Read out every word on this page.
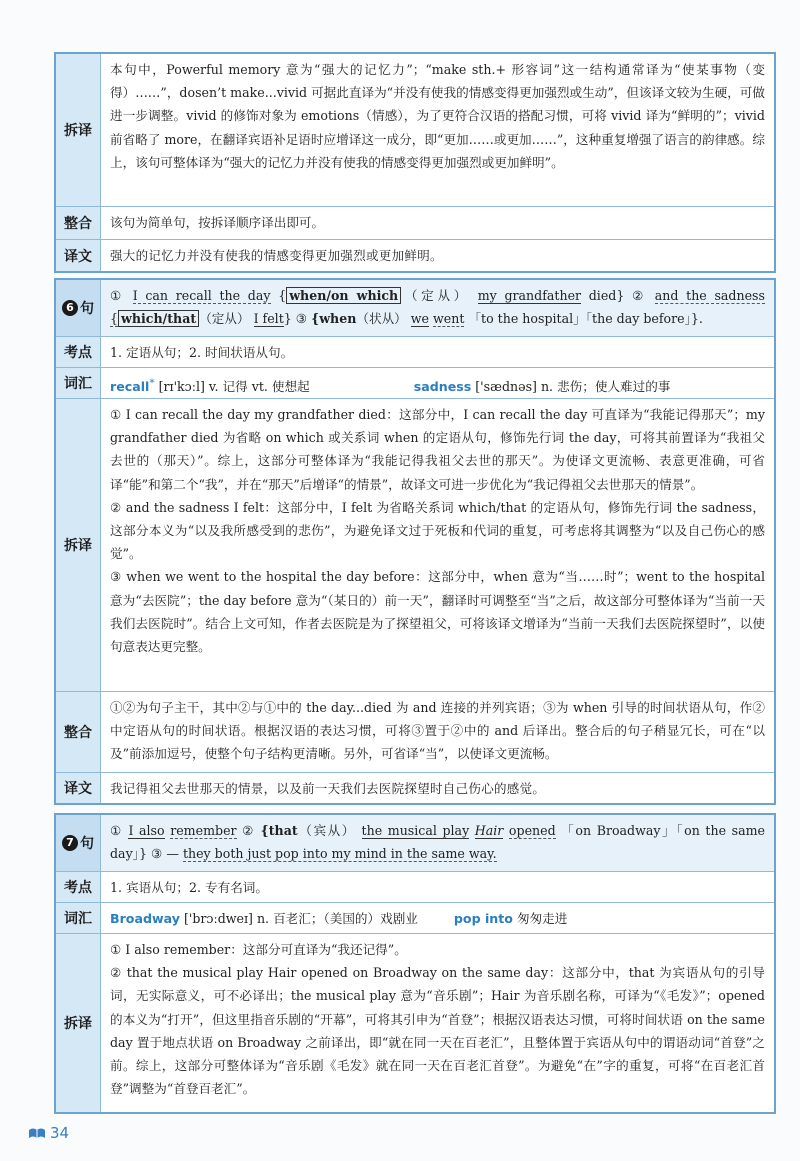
拆译
本句中，Powerful memory 意为“强大的记忆力”；“make sth.+ 形容词”这一结构通常译为“使某事物（变得）……”，dosen’t make...vivid 可据此直译为“并没有使我的情感变得更加强烈或生动”，但该译文较为生硬，可做进一步调整。vivid 的修饰对象为 emotions（情感），为了更符合汉语的搭配习惯，可将 vivid 译为“鲜明的”；vivid 前省略了 more，在翻译宾语补足语时应增译这一成分，即“更加……或更加……”，这种重复增强了语言的韵律感。综上，该句可整体译为“强大的记忆力并没有使我的情感变得更加强烈或更加鲜明”。
整合	该句为简单句，按拆译顺序译出即可。
译文	强大的记忆力并没有使我的情感变得更加强烈或更加鲜明。
6 句
① I can recall the day { when/on which （定从） my grandfather died} ② and the sadness { which/that （定从） I felt} ③ {when（状从） we went 「to the hospital」「the day before」}.
考点	1. 定语从句；2. 时间状语从句。
词汇	recall* [rɪ'kɔːl] v. 记得 vt. 使想起	sadness ['sædnəs] n. 悲伤；使人难过的事
拆译

① I can recall the day my grandfather died：这部分中，I can recall the day 可直译为“我能记得那天”；my grandfather died 为省略 on which 或关系词 when 的定语从句，修饰先行词 the day，可将其前置译为“我祖父去世的（那天）”。综上，这部分可整体译为“我能记得我祖父去世的那天”。为使译文更流畅、表意更准确，可省译“能”和第二个“我”，并在“那天”后增译“的情景”，故译文可进一步优化为“我记得祖父去世那天的情景”。

② and the sadness I felt：这部分中，I felt 为省略关系词 which/that 的定语从句，修饰先行词 the sadness，这部分本义为“以及我所感受到的悲伤”，为避免译文过于死板和代词的重复，可考虑将其调整为“以及自己伤心的感觉”。

③ when we went to the hospital the day before：这部分中，when 意为“当……时”；went to the hospital 意为“去医院”；the day before 意为“（某日的）前一天”，翻译时可调整至“当”之后，故这部分可整体译为“当前一天我们去医院时”。结合上文可知，作者去医院是为了探望祖父，可将该译文增译为“当前一天我们去医院探望时”，以使句意表达更完整。

整合
①②为句子主干，其中②与①中的 the day...died 为 and 连接的并列宾语；③为 when 引导的时间状语从句，作②中定语从句的时间状语。根据汉语的表达习惯，可将③置于②中的 and 后译出。整合后的句子稍显冗长，可在“以及”前添加逗号，使整个句子结构更清晰。另外，可省译“当”，以使译文更流畅。
译文	我记得祖父去世那天的情景，以及前一天我们去医院探望时自己伤心的感觉。
7 句
① I also remember ② {that（宾从） the musical play Hair opened 「on Broadway」「on the same day」} ③ — they both just pop into my mind in the same way.
考点	1. 宾语从句；2. 专有名词。
词汇	Broadway ['brɔːdweɪ] n. 百老汇；（美国的）戏剧业	pop into 匆匆走进
拆译

① I also remember：这部分可直译为“我还记得”。

② that the musical play Hair opened on Broadway on the same day：这部分中，that 为宾语从句的引导词，无实际意义，可不必译出；the musical play 意为“音乐剧”；Hair 为音乐剧名称，可译为“《毛发》”；opened 的本义为“打开”，但这里指音乐剧的“开幕”，可将其引申为“首登”；根据汉语表达习惯，可将时间状语 on the same day 置于地点状语 on Broadway 之前译出，即“就在同一天在百老汇”，且整体置于宾语从句中的谓语动词“首登”之前。综上，这部分可整体译为“音乐剧《毛发》就在同一天在百老汇首登”。为避免“在”字的重复，可将“在百老汇首登”调整为“首登百老汇”。

34
